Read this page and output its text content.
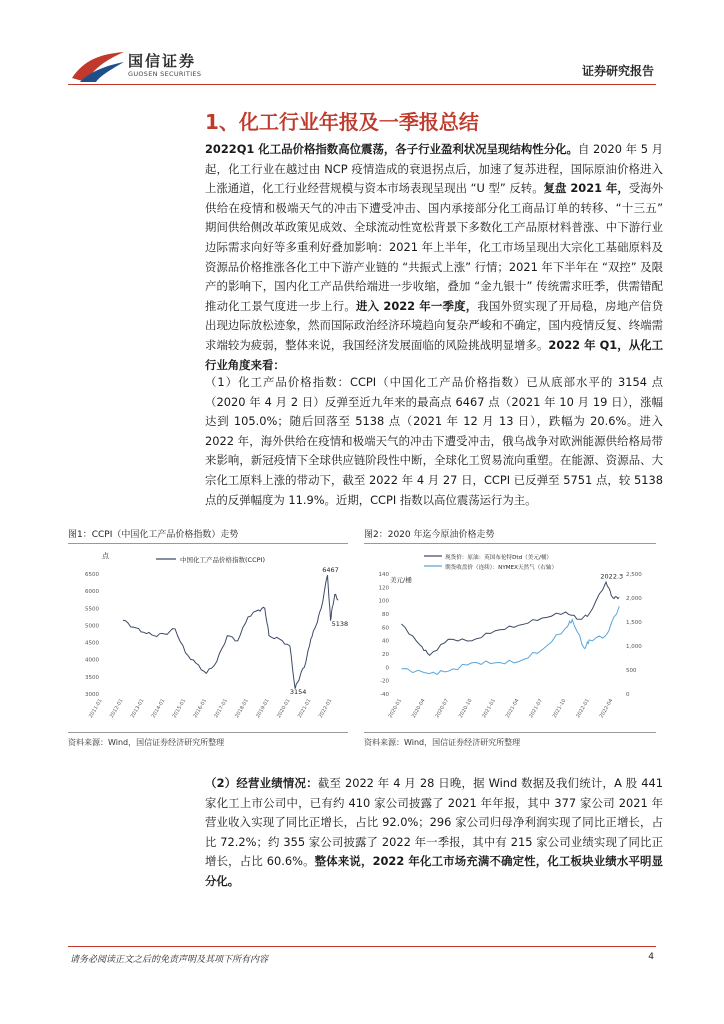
国信证券
GUOSEN SECURITIES	证券研究报告
1、化工行业年报及一季报总结

2022Q1 化工品价格指数高位震荡，各子行业盈利状况呈现结构性分化。自 2020 年 5 月起，化工行业在越过由 NCP 疫情造成的衰退拐点后，加速了复苏进程，国际原油价格进入上涨通道，化工行业经营规模与资本市场表现呈现出 “U 型” 反转。复盘 2021 年，受海外供给在疫情和极端天气的冲击下遭受冲击、国内承接部分化工商品订单的转移、“十三五” 期间供给侧改革政策见成效、全球流动性宽松背景下多数化工产品原材料普涨、中下游行业边际需求向好等多重利好叠加影响：2021 年上半年，化工市场呈现出大宗化工基础原料及资源品价格推涨各化工中下游产业链的 “共振式上涨” 行情；2021 年下半年在 “双控” 及限产的影响下，国内化工产品供给端进一步收缩，叠加 “金九银十” 传统需求旺季，供需错配推动化工景气度进一步上行。进入 2022 年一季度，我国外贸实现了开局稳，房地产信贷出现边际放松迹象，然而国际政治经济环境趋向复杂严峻和不确定，国内疫情反复、终端需求端较为疲弱，整体来说，我国经济发展面临的风险挑战明显增多。2022 年 Q1，从化工行业角度来看：

（1）化工产品价格指数：CCPI（中国化工产品价格指数）已从底部水平的 3154 点（2020 年 4 月 2 日）反弹至近九年来的最高点 6467 点（2021 年 10 月 19 日），涨幅达到 105.0%；随后回落至 5138 点（2021 年 12 月 13 日），跌幅为 20.6%。进入 2022 年，海外供给在疫情和极端天气的冲击下遭受冲击，俄乌战争对欧洲能源供给格局带来影响，新冠疫情下全球供应链阶段性中断，全球化工贸易流向重塑。在能源、资源品、大宗化工原料上涨的带动下，截至 2022 年 4 月 27 日，CCPI 已反弹至 5751 点，较 5138 点的反弹幅度为 11.9%。近期，CCPI 指数以高位震荡运行为主。

图1：CCPI（中国化工产品价格指数）走势
3000
3500
4000
4500
5000
5500
6000
6500
2011-01 2012-01 2013-01 2014-01 2015-01 2016-01 2017-01 2018-01 2019-01 2020-01 2021-01 2022-01
中国化工产品价格指数(CCPI)
点
6467
5138
3154
资料来源：Wind，国信证券经济研究所整理
图2：2020 年迄今原油价格走势
-40
-20
0
20
40
60
80
100
120
140
0
500
1,000
1,500
2,000
2,500
2020-01 2020-04 2020-07 2020-10 2021-01 2021-04 2021-07 2021-10 2022-01 2022-04
现货价：原油：英国布伦特Dtd（美元/桶）
期货收盘价（连续）：NYMEX天然气（右轴）
美元/桶	2022.3
资料来源：Wind，国信证券经济研究所整理

（2）经营业绩情况：截至 2022 年 4 月 28 日晚，据 Wind 数据及我们统计，A 股 441 家化工上市公司中，已有约 410 家公司披露了 2021 年年报，其中 377 家公司 2021 年营业收入实现了同比正增长，占比 92.0%；296 家公司归母净利润实现了同比正增长，占比 72.2%；约 355 家公司披露了 2022 年一季报，其中有 215 家公司业绩实现了同比正增长，占比 60.6%。整体来说，2022 年化工市场充满不确定性，化工板块业绩水平明显分化。

请务必阅读正文之后的免责声明及其项下所有内容	4
